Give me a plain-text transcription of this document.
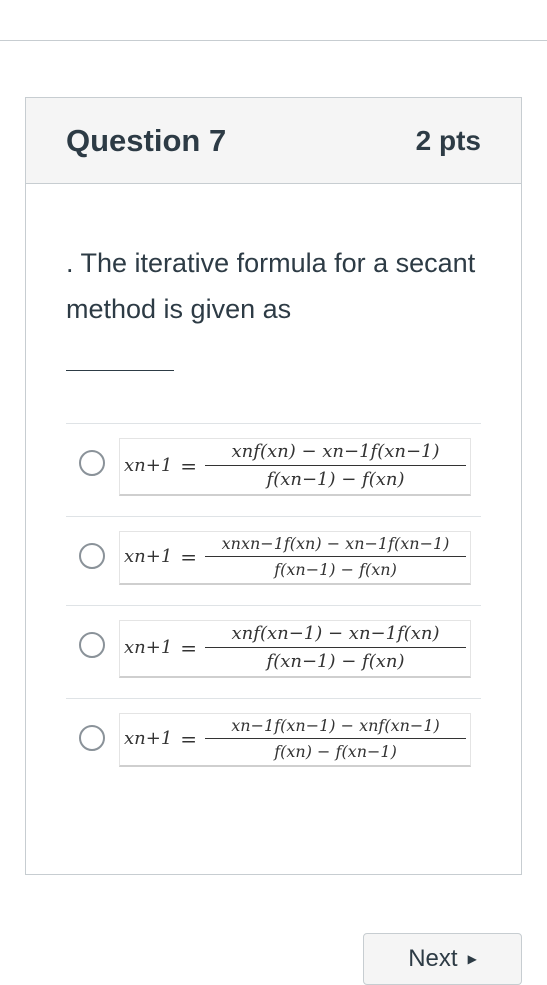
Question 7	2 pts

. The iterative formula for a secant method is given as

$xn+1 = \frac{\text{xnf(xn) − xn−1f(xn−1)}}{f(xn-1) - f(xn)}$
$xn+1 = \frac{\text{xnxn−1f(xn) − xn−1f(xn−1)}}{f(xn-1) - f(xn)}$
$xn+1 = \frac{\text{xnf(xn−1) − xn−1f(xn)}}{f(xn-1) - f(xn)}$
$xn+1 = \frac{\text{xn−1f(xn−1) − xnf(xn−1)}}{f(xn) - f(xn-1)}$
Next ▶
